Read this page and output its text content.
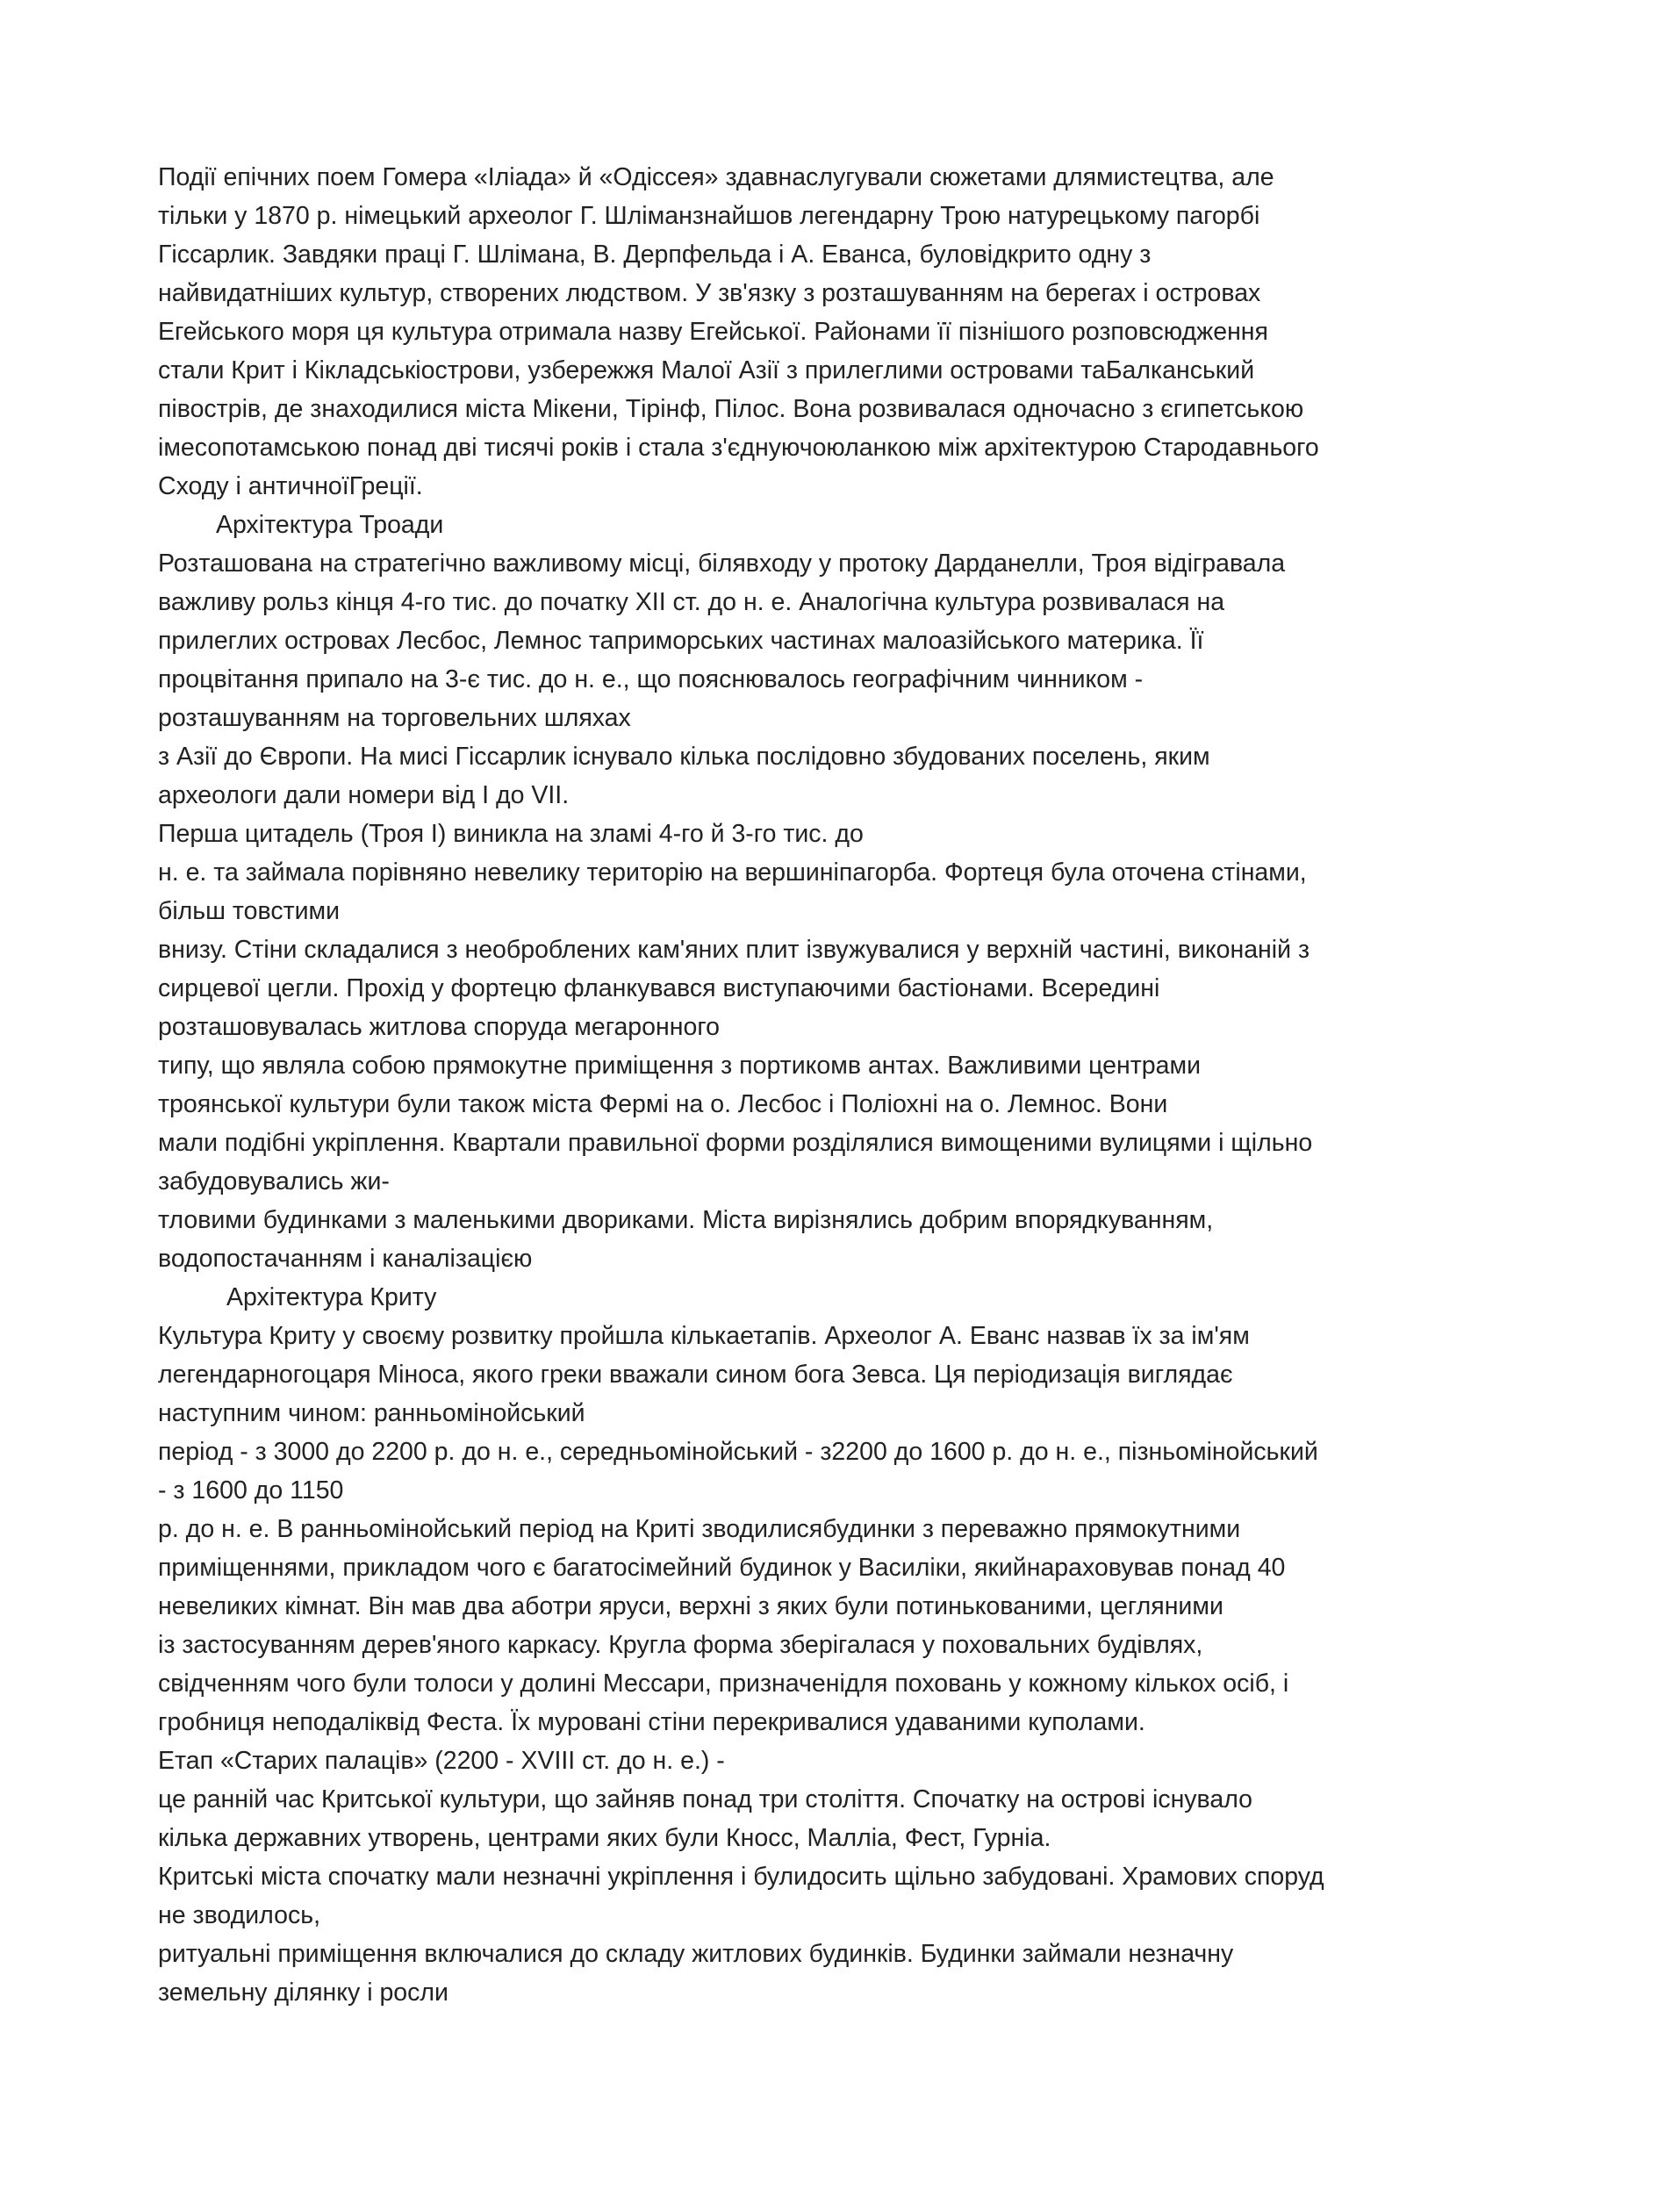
Події епічних поем Гомера «Іліада» й «Одіссея» здавнаслугували сюжетами длямистецтва, але
тільки у 1870 р. німецький археолог Г. Шліманзнайшов легендарну Трою натурецькому пагорбі
Гіссарлик. Завдяки праці Г. Шлімана, В. Дерпфельда і А. Еванса, буловідкрито одну з
найвидатніших культур, створених людством. У зв'язку з розташуванням на берегах і островах
Егейського моря ця культура отримала назву Егейської. Районами її пізнішого розповсюдження
стали Крит і Кікладськіострови, узбережжя Малої Азії з прилеглими островами таБалканський
півострів, де знаходилися міста Мікени, Тірінф, Пілос. Вона розвивалася одночасно з єгипетською
імесопотамською понад дві тисячі років і стала з'єднуючоюланкою між архітектурою Стародавнього
Сходу і античноїГреції.
Архітектура Троади
Розташована на стратегічно важливому місці, білявходу у протоку Дарданелли, Троя відігравала
важливу рольз кінця 4-го тис. до початку XII ст. до н. е. Аналогічна культура розвивалася на
прилеглих островах Лесбос, Лемнос таприморських частинах малоазійського материка. Її
процвітання припало на 3-є тис. до н. е., що пояснювалось географічним чинником -
розташуванням на торговельних шляхах
з Азії до Європи. На мисі Гіссарлик існувало кілька послідовно збудованих поселень, яким
археологи дали номери від I до VII.
Перша цитадель (Троя І) виникла на зламі 4-го й 3-го тис. до
н. е. та займала порівняно невелику територію на вершиніпагорба. Фортеця була оточена стінами,
більш товстими
внизу. Стіни складалися з необроблених кам'яних плит ізвужувалися у верхній частині, виконаній з
сирцевої цегли. Прохід у фортецю фланкувався виступаючими бастіонами. Всередині
розташовувалась житлова споруда мегаронного
типу, що являла собою прямокутне приміщення з портикомв антах. Важливими центрами
троянської культури були також міста Фермі на о. Лесбос і Поліохні на о. Лемнос. Вони
мали подібні укріплення. Квартали правильної форми розділялися вимощеними вулицями і щільно
забудовувались жи-
тловими будинками з маленькими двориками. Міста вирізнялись добрим впорядкуванням,
водопостачанням і каналізацією
Архітектура Криту
Культура Криту у своєму розвитку пройшла кількаетапів. Археолог А. Еванс назвав їх за ім'ям
легендарногоцаря Міноса, якого греки вважали сином бога Зевса. Ця періодизація виглядає
наступним чином: ранньомінойський
період - з 3000 до 2200 р. до н. е., середньомінойський - з2200 до 1600 р. до н. е., пізньомінойський
- з 1600 до 1150
р. до н. е. В ранньомінойський період на Криті зводилисябудинки з переважно прямокутними
приміщеннями, прикладом чого є багатосімейний будинок у Василіки, якийнараховував понад 40
невеликих кімнат. Він мав два аботри яруси, верхні з яких були потинькованими, цегляними
із застосуванням дерев'яного каркасу. Кругла форма зберігалася у поховальних будівлях,
свідченням чого були толоси у долині Мессари, призначенідля поховань у кожному кількох осіб, і
гробниця неподаліквід Феста. Їх муровані стіни перекривалися удаваними куполами.
Етап «Старих палаців» (2200 - XVIII ст. до н. е.) -
це ранній час Критської культури, що зайняв понад три століття. Спочатку на острові існувало
кілька державних утворень, центрами яких були Кносс, Малліа, Фест, Гурніа.
Критські міста спочатку мали незначні укріплення і булидосить щільно забудовані. Храмових споруд
не зводилось,
ритуальні приміщення включалися до складу житлових будинків. Будинки займали незначну
земельну ділянку і росли
